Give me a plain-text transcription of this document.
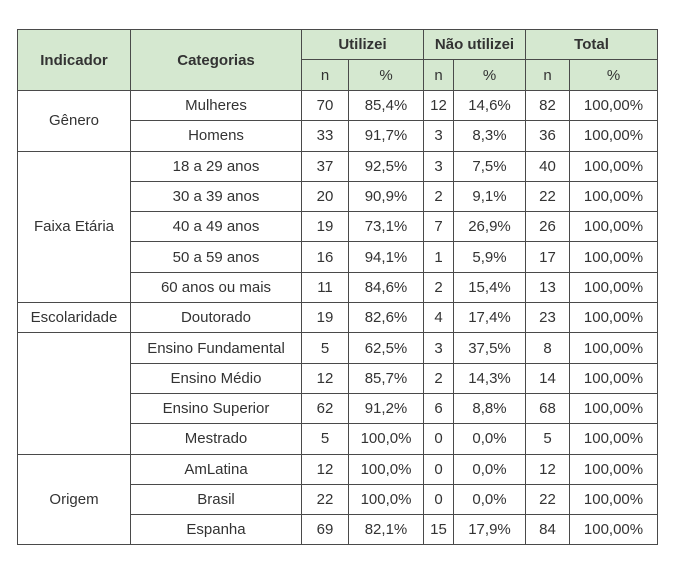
Indicador	Categorias	Utilizei		Não utilizei		Total	
		n	%	n	%	n	%
Gênero	Mulheres	70	85,4%	12	14,6%	82	100,00%
	Homens	33	91,7%	3	8,3%	36	100,00%
Faixa Etária	18 a 29 anos	37	92,5%	3	7,5%	40	100,00%
	30 a 39 anos	20	90,9%	2	9,1%	22	100,00%
	40 a 49 anos	19	73,1%	7	26,9%	26	100,00%
	50 a 59 anos	16	94,1%	1	5,9%	17	100,00%
	60 anos ou mais	11	84,6%	2	15,4%	13	100,00%
Escolaridade	Doutorado	19	82,6%	4	17,4%	23	100,00%
	Ensino Fundamental	5	62,5%	3	37,5%	8	100,00%
	Ensino Médio	12	85,7%	2	14,3%	14	100,00%
	Ensino Superior	62	91,2%	6	8,8%	68	100,00%
	Mestrado	5	100,0%	0	0,0%	5	100,00%
Origem	AmLatina	12	100,0%	0	0,0%	12	100,00%
	Brasil	22	100,0%	0	0,0%	22	100,00%
	Espanha	69	82,1%	15	17,9%	84	100,00%
